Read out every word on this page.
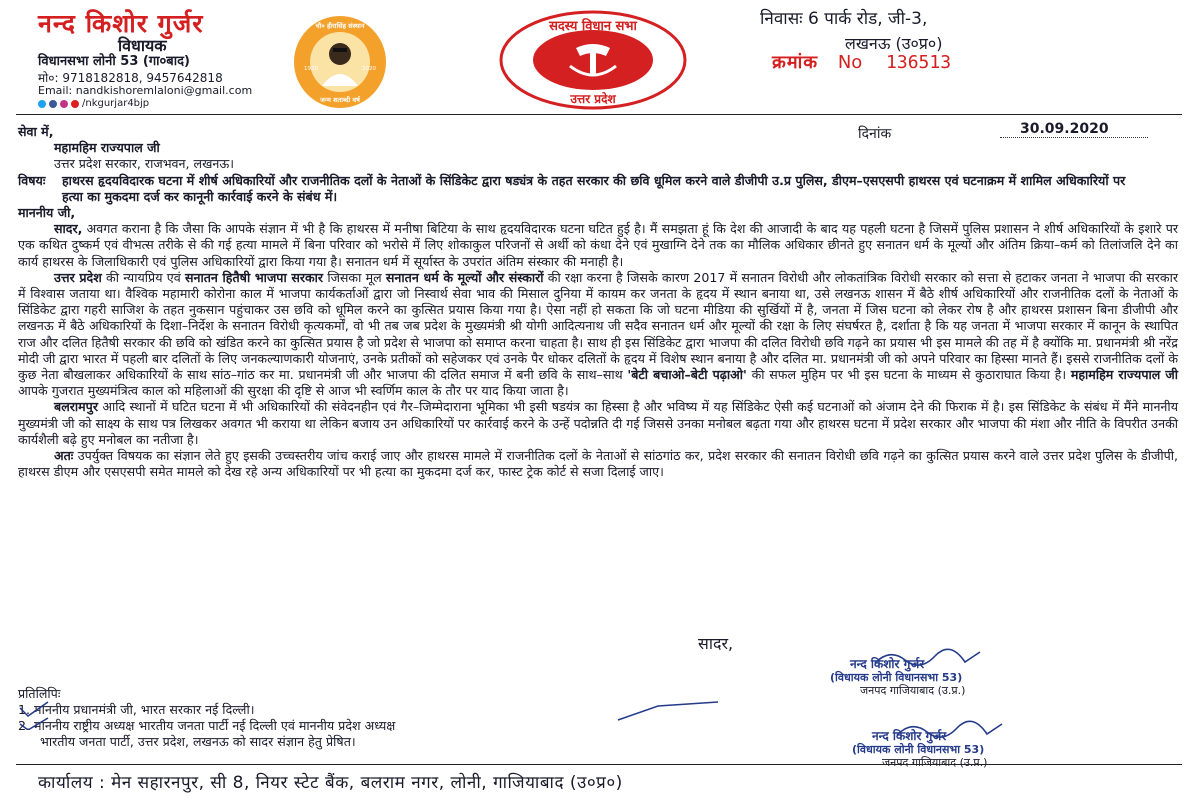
नन्द किशोर गुर्जर
विधायक
विधानसभा लोनी 53 (गा०बाद)
मो०: 9718182818, 9457642818
Email: nandkishoremlaloni@gmail.com
/nkgurjar4bjp
चौ० हीरासिंह संस्थान
जन्म शताब्दी वर्ष
1920	2020
सदस्य विधान सभा
उत्तर प्रदेश
निवासः 6 पार्क रोड, जी-3,
लखनऊ (उ०प्र०)
क्रमांक No 136513
दिनांक	30.09.2020
सेवा में,
महामहिम राज्यपाल जी
उत्तर प्रदेश सरकार, राजभवन, लखनऊ।
विषयः	हाथरस हृदयविदारक घटना में शीर्ष अधिकारियों और राजनीतिक दलों के नेताओं के सिंडिकेट द्वारा षड्यंत्र के तहत सरकार की छवि धूमिल करने वाले डीजीपी उ.प्र पुलिस, डीएम–एसएसपी हाथरस एवं घटनाक्रम में शामिल अधिकारियों पर हत्या का मुकदमा दर्ज कर कानूनी कार्रवाई करने के संबंध में।
माननीय जी,

सादर, अवगत कराना है कि जैसा कि आपके संज्ञान में भी है कि हाथरस में मनीषा बिटिया के साथ हृदयविदारक घटना घटित हुई है। मैं समझता हूं कि देश की आजादी के बाद यह पहली घटना है जिसमें पुलिस प्रशासन ने शीर्ष अधिकारियों के इशारे पर एक कथित दुष्कर्म एवं वीभत्स तरीके से की गई हत्या मामले में बिना परिवार को भरोसे में लिए शोकाकुल परिजनों से अर्थी को कंधा देने एवं मुखाग्नि देने तक का मौलिक अधिकार छीनते हुए सनातन धर्म के मूल्यों और अंतिम क्रिया–कर्म को तिलांजलि देने का कार्य हाथरस के जिलाधिकारी एवं पुलिस अधिकारियों द्वारा किया गया है। सनातन धर्म में सूर्यास्त के उपरांत अंतिम संस्कार की मनाही है।

उत्तर प्रदेश की न्यायप्रिय एवं सनातन हितैषी भाजपा सरकार जिसका मूल सनातन धर्म के मूल्यों और संस्कारों की रक्षा करना है जिसके कारण 2017 में सनातन विरोधी और लोकतांत्रिक विरोधी सरकार को सत्ता से हटाकर जनता ने भाजपा की सरकार में विश्वास जताया था। वैश्विक महामारी कोरोना काल में भाजपा कार्यकर्ताओं द्वारा जो निस्वार्थ सेवा भाव की मिसाल दुनिया में कायम कर जनता के हृदय में स्थान बनाया था, उसे लखनऊ शासन में बैठे शीर्ष अधिकारियों और राजनीतिक दलों के नेताओं के सिंडिकेट द्वारा गहरी साजिश के तहत नुकसान पहुंचाकर उस छवि को धूमिल करने का कुत्सित प्रयास किया गया है। ऐसा नहीं हो सकता कि जो घटना मीडिया की सुर्खियों में है, जनता में जिस घटना को लेकर रोष है और हाथरस प्रशासन बिना डीजीपी और लखनऊ में बैठे अधिकारियों के दिशा–निर्देश के सनातन विरोधी कृत्यकर्मों, वो भी तब जब प्रदेश के मुख्यमंत्री श्री योगी आदित्यनाथ जी सदैव सनातन धर्म और मूल्यों की रक्षा के लिए संघर्षरत है, दर्शाता है कि यह जनता में भाजपा सरकार में कानून के स्थापित राज और दलित हितैषी सरकार की छवि को खंडित करने का कुत्सित प्रयास है जो प्रदेश से भाजपा को समाप्त करना चाहता है। साथ ही इस सिंडिकेट द्वारा भाजपा की दलित विरोधी छवि गढ़ने का प्रयास भी इस मामले की तह में है क्योंकि मा. प्रधानमंत्री श्री नरेंद्र मोदी जी द्वारा भारत में पहली बार दलितों के लिए जनकल्याणकारी योजनाएं, उनके प्रतीकों को सहेजकर एवं उनके पैर धोकर दलितों के हृदय में विशेष स्थान बनाया है और दलित मा. प्रधानमंत्री जी को अपने परिवार का हिस्सा मानते हैं। इससे राजनीतिक दलों के कुछ नेता बौखलाकर अधिकारियों के साथ सांठ–गांठ कर मा. प्रधानमंत्री जी और भाजपा की दलित समाज में बनी छवि के साथ–साथ 'बेटी बचाओ–बेटी पढ़ाओ' की सफल मुहिम पर भी इस घटना के माध्यम से कुठाराघात किया है। महामहिम राज्यपाल जी आपके गुजरात मुख्यमंत्रित्व काल को महिलाओं की सुरक्षा की दृष्टि से आज भी स्वर्णिम काल के तौर पर याद किया जाता है।

बलरामपुर आदि स्थानों में घटित घटना में भी अधिकारियों की संवेदनहीन एवं गैर–जिम्मेदाराना भूमिका भी इसी षडयंत्र का हिस्सा है और भविष्य में यह सिंडिकेट ऐसी कई घटनाओं को अंजाम देने की फिराक में है। इस सिंडिकेट के संबंध में मैंने माननीय मुख्यमंत्री जी को साक्ष्य के साथ पत्र लिखकर अवगत भी कराया था लेकिन बजाय उन अधिकारियों पर कार्रवाई करने के उन्हें पदोन्नति दी गई जिससे उनका मनोबल बढ़ता गया और हाथरस घटना में प्रदेश सरकार और भाजपा की मंशा और नीति के विपरीत उनकी कार्यशैली बढ़े हुए मनोबल का नतीजा है।

अतः उपर्युक्त विषयक का संज्ञान लेते हुए इसकी उच्चस्तरीय जांच कराई जाए और हाथरस मामले में राजनीतिक दलों के नेताओं से सांठगांठ कर, प्रदेश सरकार की सनातन विरोधी छवि गढ़ने का कुत्सित प्रयास करने वाले उत्तर प्रदेश पुलिस के डीजीपी, हाथरस डीएम और एसएसपी समेत मामले को देख रहे अन्य अधिकारियों पर भी हत्या का मुकदमा दर्ज कर, फास्ट ट्रेक कोर्ट से सजा दिलाई जाए।

सादर,
नन्द किशोर गुर्जर
(विधायक लोनी विधानसभा 53)
जनपद गाजियाबाद (उ.प्र.)
नन्द किशोर गुर्जर
(विधायक लोनी विधानसभा 53)
जनपद गाजियाबाद (उ.प्र.)
प्रतिलिपिः
1. माननीय प्रधानमंत्री जी, भारत सरकार नई दिल्ली।
2. माननीय राष्ट्रीय अध्यक्ष भारतीय जनता पार्टी नई दिल्ली एवं माननीय प्रदेश अध्यक्ष
भारतीय जनता पार्टी, उत्तर प्रदेश, लखनऊ को सादर संज्ञान हेतु प्रेषित।
कार्यालय : मेन सहारनपुर, सी 8, नियर स्टेट बैंक, बलराम नगर, लोनी, गाजियाबाद (उ०प्र०)
